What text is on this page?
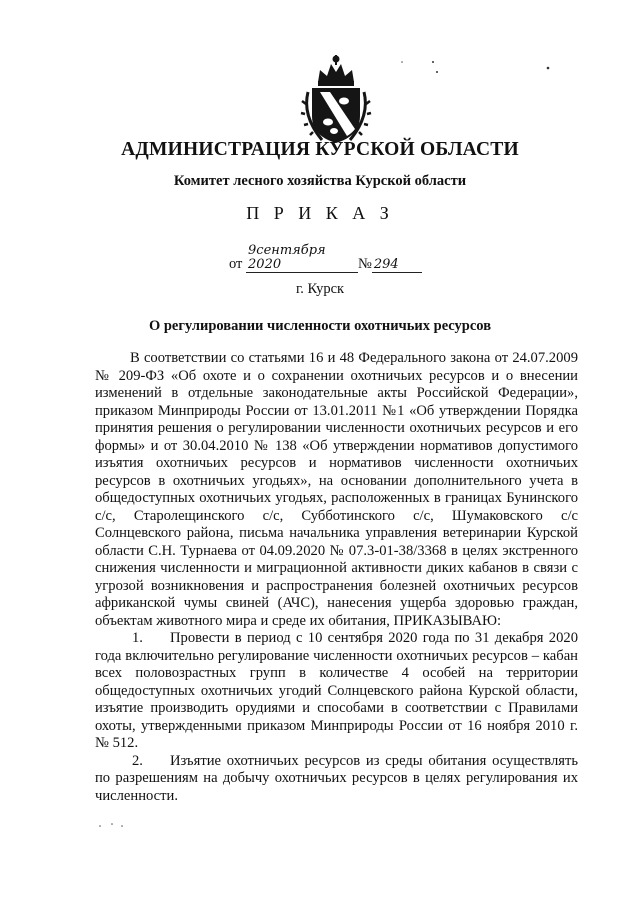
АДМИНИСТРАЦИЯ КУРСКОЙ ОБЛАСТИ
Комитет лесного хозяйства Курской области
П Р И К А З
от 9сентября 2020	№ 294
г. Курск
О регулировании численности охотничьих ресурсов

В соответствии со статьями 16 и 48 Федерального закона от 24.07.2009 № 209-ФЗ «Об охоте и о сохранении охотничьих ресурсов и о внесении изменений в отдельные законодательные акты Российской Федерации», приказом Минприроды России от 13.01.2011 №1 «Об утверждении Порядка принятия решения о регулировании численности охотничьих ресурсов и его формы» и от 30.04.2010 № 138 «Об утверждении нормативов допустимого изъятия охотничьих ресурсов и нормативов численности охотничьих ресурсов в охотничьих угодьях», на основании дополнительного учета в общедоступных охотничьих угодьях, расположенных в границах Бунинского с/с, Старолещинского с/с, Субботинского с/с, Шумаковского с/с Солнцевского района, письма начальника управления ветеринарии Курской области С.Н. Турнаева от 04.09.2020 № 07.3-01-38/3368 в целях экстренного снижения численности и миграционной активности диких кабанов в связи с угрозой возникновения и распространения болезней охотничьих ресурсов африканской чумы свиней (АЧС), нанесения ущерба здоровью граждан, объектам животного мира и среде их обитания, ПРИКАЗЫВАЮ:

1. Провести в период с 10 сентября 2020 года по 31 декабря 2020 года включительно регулирование численности охотничьих ресурсов – кабан всех половозрастных групп в количестве 4 особей на территории общедоступных охотничьих угодий Солнцевского района Курской области, изъятие производить орудиями и способами в соответствии с Правилами охоты, утвержденными приказом Минприроды России от 16 ноября 2010 г. № 512.

2. Изъятие охотничьих ресурсов из среды обитания осуществлять по разрешениям на добычу охотничьих ресурсов в целях регулирования их численности.
